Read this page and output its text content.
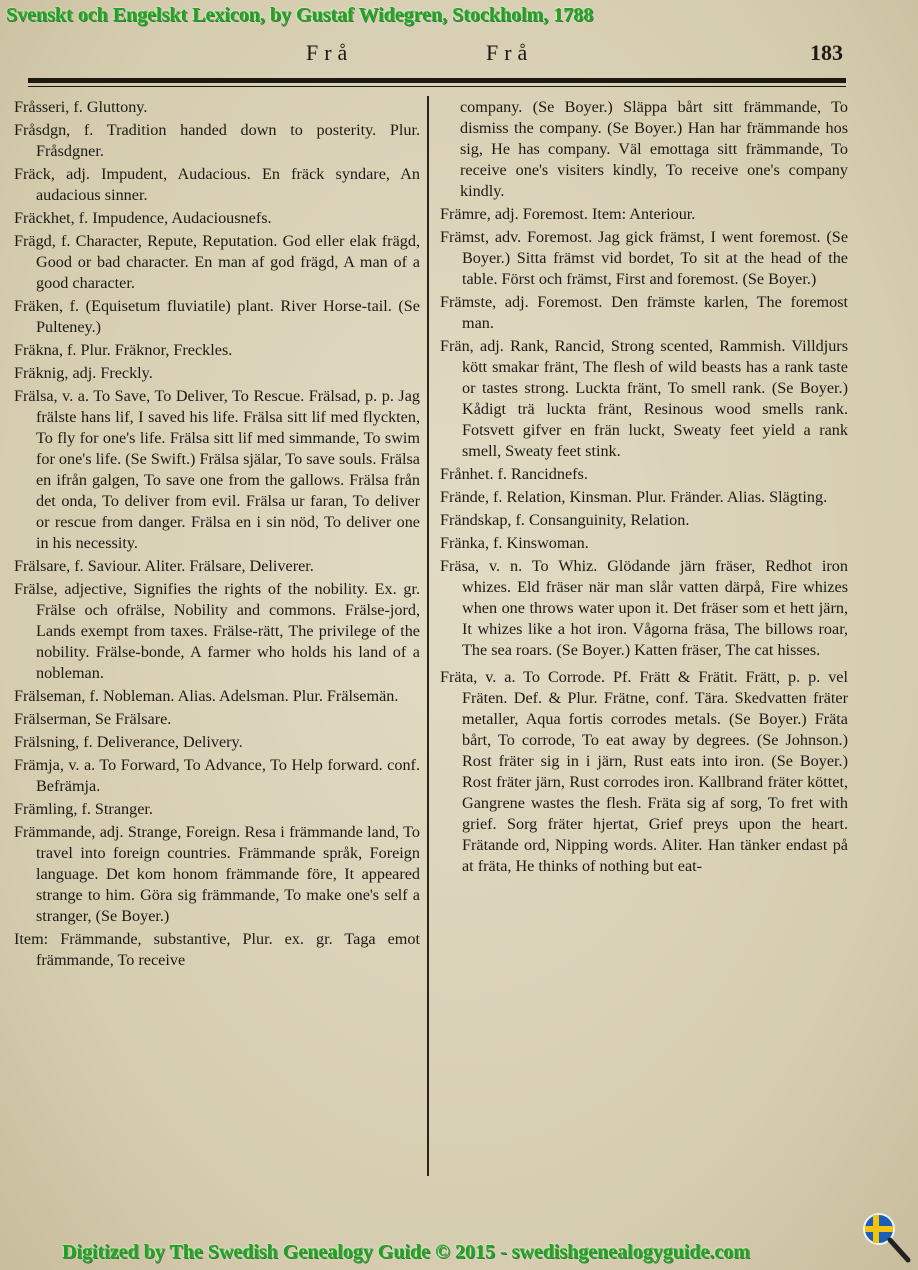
Svenskt och Engelskt Lexicon, by Gustaf Widegren, Stockholm, 1788
Frå	Frå	183

Fråsseri, f. Gluttony.

Fråsdgn, f. Tradition handed down to posterity. Plur. Fråsdgner.

Fräck, adj. Impudent, Audacious. En fräck syndare, An audacious sinner.

Fräckhet, f. Impudence, Audaciousnefs.

Frägd, f. Character, Repute, Reputation. God eller elak frägd, Good or bad character. En man af god frägd, A man of a good character.

Fräken, f. (Equisetum fluviatile) plant. River Horse-tail. (Se Pulteney.)

Fräkna, f. Plur. Fräknor, Freckles.

Fräknig, adj. Freckly.

Frälsa, v. a. To Save, To Deliver, To Rescue. Frälsad, p. p. Jag frälste hans lif, I saved his life. Frälsa sitt lif med flyckten, To fly for one's life. Frälsa sitt lif med simmande, To swim for one's life. (Se Swift.) Frälsa själar, To save souls. Frälsa en ifrån galgen, To save one from the gallows. Frälsa från det onda, To deliver from evil. Frälsa ur faran, To deliver or rescue from danger. Frälsa en i sin nöd, To deliver one in his necessity.

Frälsare, f. Saviour. Aliter. Frälsare, Deliverer.

Frälse, adjective, Signifies the rights of the nobility. Ex. gr. Frälse och ofrälse, Nobility and commons. Frälse-jord, Lands exempt from taxes. Frälse-rätt, The privilege of the nobility. Frälse-bonde, A farmer who holds his land of a nobleman.

Frälseman, f. Nobleman. Alias. Adelsman. Plur. Frälsemän.

Frälserman, Se Frälsare.

Frälsning, f. Deliverance, Delivery.

Främja, v. a. To Forward, To Advance, To Help forward. conf. Befrämja.

Främling, f. Stranger.

Främmande, adj. Strange, Foreign. Resa i främmande land, To travel into foreign countries. Främmande språk, Foreign language. Det kom honom främmande före, It appeared strange to him. Göra sig främmande, To make one's self a stranger, (Se Boyer.)

Item: Främmande, substantive, Plur. ex. gr. Taga emot främmande, To receive

company. (Se Boyer.) Släppa bårt sitt främmande, To dismiss the company. (Se Boyer.) Han har främmande hos sig, He has company. Väl emottaga sitt främmande, To receive one's visiters kindly, To receive one's company kindly.

Främre, adj. Foremost. Item: Anteriour.

Främst, adv. Foremost. Jag gick främst, I went foremost. (Se Boyer.) Sitta främst vid bordet, To sit at the head of the table. Först och främst, First and foremost. (Se Boyer.)

Främste, adj. Foremost. Den främste karlen, The foremost man.

Frän, adj. Rank, Rancid, Strong scented, Rammish. Villdjurs kött smakar fränt, The flesh of wild beasts has a rank taste or tastes strong. Luckta fränt, To smell rank. (Se Boyer.) Kådigt trä luckta fränt, Resinous wood smells rank. Fotsvett gifver en frän luckt, Sweaty feet yield a rank smell, Sweaty feet stink.

Frånhet. f. Rancidnefs.

Frände, f. Relation, Kinsman. Plur. Fränder. Alias. Slägting.

Frändskap, f. Consanguinity, Relation.

Fränka, f. Kinswoman.

Fräsa, v. n. To Whiz. Glödande järn fräser, Redhot iron whizes. Eld fräser när man slår vatten därpå, Fire whizes when one throws water upon it. Det fräser som et hett järn, It whizes like a hot iron. Vågorna fräsa, The billows roar, The sea roars. (Se Boyer.) Katten fräser, The cat hisses.

Fräta, v. a. To Corrode. Pf. Frätt & Frätit. Frätt, p. p. vel Fräten. Def. & Plur. Frätne, conf. Tära. Skedvatten fräter metaller, Aqua fortis corrodes metals. (Se Boyer.) Fräta bårt, To corrode, To eat away by degrees. (Se Johnson.) Rost fräter sig in i järn, Rust eats into iron. (Se Boyer.) Rost fräter järn, Rust corrodes iron. Kallbrand fräter köttet, Gangrene wastes the flesh. Fräta sig af sorg, To fret with grief. Sorg fräter hjertat, Grief preys upon the heart. Frätande ord, Nipping words. Aliter. Han tänker endast på at fräta, He thinks of nothing but eat-

Digitized by The Swedish Genealogy Guide © 2015 - swedishgenealogyguide.com
